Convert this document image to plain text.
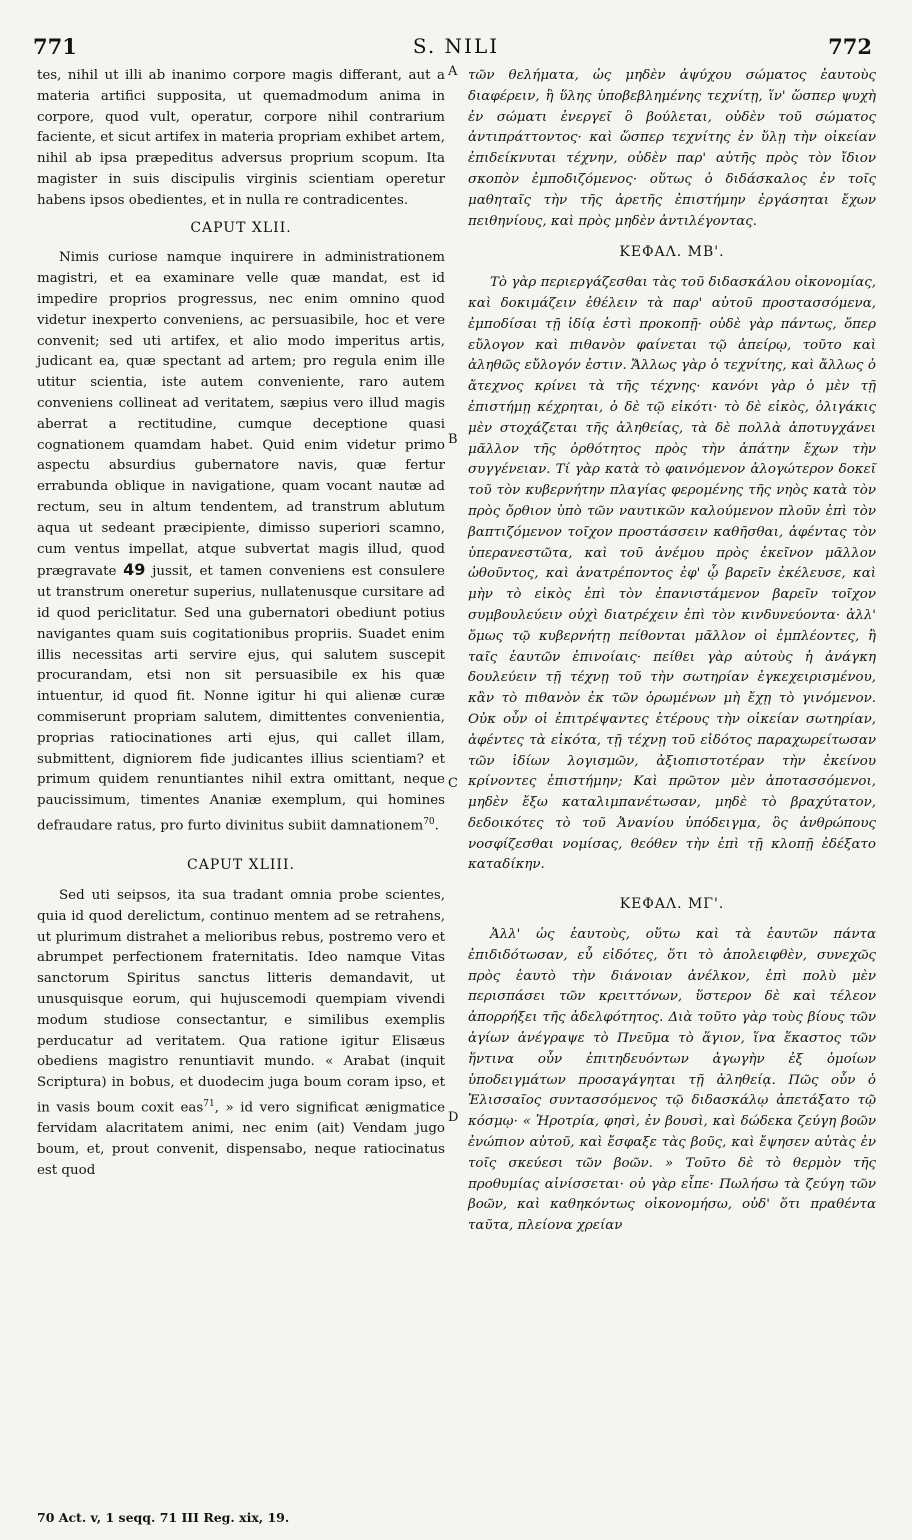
771	S. NILI	772
A
B
C
D

tes, nihil ut illi ab inanimo corpore magis differant, aut a materia artifici supposita, ut quemadmodum anima in corpore, quod vult, operatur, corpore nihil contrarium faciente, et sicut artifex in materia propriam exhibet artem, nihil ab ipsa præpeditus adversus proprium scopum. Ita magister in suis discipulis virginis scientiam operetur habens ipsos obedientes, et in nulla re contradicentes.

CAPUT XLII.

Nimis curiose namque inquirere in administrationem magistri, et ea examinare velle quæ mandat, est id impedire proprios progressus, nec enim omnino quod videtur inexperto conveniens, ac persuasibile, hoc et vere convenit; sed uti artifex, et alio modo imperitus artis, judicant ea, quæ spectant ad artem; pro regula enim ille utitur scientia, iste autem conveniente, raro autem conveniens collineat ad veritatem, sæpius vero illud magis aberrat a rectitudine, cumque deceptione quasi cognationem quamdam habet. Quid enim videtur primo aspectu absurdius gubernatore navis, quæ fertur errabunda oblique in navigatione, quam vocant nautæ ad rectum, seu in altum tendentem, ad transtrum ablutum aqua ut sedeant præcipiente, dimisso superiori scamno, cum ventus impellat, atque subvertat magis illud, quod prægravate 49 jussit, et tamen conveniens est consulere ut transtrum oneretur superius, nullatenusque cursitare ad id quod periclitatur. Sed una gubernatori obediunt potius navigantes quam suis cogitationibus propriis. Suadet enim illis necessitas arti servire ejus, qui salutem suscepit procurandam, etsi non sit persuasibile ex his quæ intuentur, id quod fit. Nonne igitur hi qui alienæ curæ commiserunt propriam salutem, dimittentes convenientia, proprias ratiocinationes arti ejus, qui callet illam, submittent, digniorem fide judicantes illius scientiam? et primum quidem renuntiantes nihil extra omittant, neque paucissimum, timentes Ananiæ exemplum, qui homines defraudare ratus, pro furto divinitus subiit damnationem$^{70}$.

CAPUT XLIII.

Sed uti seipsos, ita sua tradant omnia probe scientes, quia id quod derelictum, continuo mentem ad se retrahens, ut plurimum distrahet a melioribus rebus, postremo vero et abrumpet perfectionem fraternitatis. Ideo namque Vitas sanctorum Spiritus sanctus litteris demandavit, ut unusquisque eorum, qui hujuscemodi quempiam vivendi modum studiose consectantur, e similibus exemplis perducatur ad veritatem. Qua ratione igitur Elisæus obediens magistro renuntiavit mundo. « Arabat (inquit Scriptura) in bobus, et duodecim juga boum coram ipso, et in vasis boum coxit eas$^{71}$, » id vero significat ænigmatice fervidam alacritatem animi, nec enim (ait) Vendam jugo boum, et, prout convenit, dispensabo, neque ratiocinatus est quod

τῶν θελήματα, ὡς μηδὲν ἀψύχου σώματος ἑαυτοὺς διαφέρειν, ἢ ὕλης ὑποβεβλημένης τεχνίτῃ, ἵν' ὥσπερ ψυχὴ ἐν σώματι ἐνεργεῖ ὃ βούλεται, οὐδὲν τοῦ σώματος ἀντιπράττοντος· καὶ ὥσπερ τεχνίτης ἐν ὕλῃ τὴν οἰκείαν ἐπιδείκνυται τέχνην, οὐδὲν παρ' αὐτῆς πρὸς τὸν ἴδιον σκοπὸν ἐμποδιζόμενος· οὕτως ὁ διδάσκαλος ἐν τοῖς μαθηταῖς τὴν τῆς ἀρετῆς ἐπιστήμην ἐργάσηται ἔχων πειθηνίους, καὶ πρὸς μηδὲν ἀντιλέγοντας.

ΚΕΦΑΛ. ΜΒ'.

Τὸ γὰρ περιεργάζεσθαι τὰς τοῦ διδασκάλου οἰκονομίας, καὶ δοκιμάζειν ἐθέλειν τὰ παρ' αὐτοῦ προστασσόμενα, ἐμποδίσαι τῇ ἰδίᾳ ἐστὶ προκοπῇ· οὐδὲ γὰρ πάντως, ὅπερ εὔλογον καὶ πιθανὸν φαίνεται τῷ ἀπείρῳ, τοῦτο καὶ ἀληθῶς εὔλογόν ἐστιν. Ἄλλως γὰρ ὁ τεχνίτης, καὶ ἄλλως ὁ ἄτεχνος κρίνει τὰ τῆς τέχνης· κανόνι γὰρ ὁ μὲν τῇ ἐπιστήμῃ κέχρηται, ὁ δὲ τῷ εἰκότι· τὸ δὲ εἰκὸς, ὀλιγάκις μὲν στοχάζεται τῆς ἀληθείας, τὰ δὲ πολλὰ ἀποτυγχάνει μᾶλλον τῆς ὀρθότητος πρὸς τὴν ἀπάτην ἔχων τὴν συγγένειαν. Τί γὰρ κατὰ τὸ φαινόμενον ἀλογώτερον δοκεῖ τοῦ τὸν κυβερνήτην πλαγίας φερομένης τῆς νηὸς κατὰ τὸν πρὸς ὄρθιον ὑπὸ τῶν ναυτικῶν καλούμενον πλοῦν ἐπὶ τὸν βαπτιζόμενον τοῖχον προστάσσειν καθῆσθαι, ἀφέντας τὸν ὑπερανεστῶτα, καὶ τοῦ ἀνέμου πρὸς ἐκεῖνον μᾶλλον ὠθοῦντος, καὶ ἀνατρέποντος ἐφ' ᾧ βαρεῖν ἐκέλευσε, καὶ μὴν τὸ εἰκὸς ἐπὶ τὸν ἐπανιστάμενον βαρεῖν τοῖχον συμβουλεύειν οὐχὶ διατρέχειν ἐπὶ τὸν κινδυνεύοντα· ἀλλ' ὅμως τῷ κυβερνήτῃ πείθονται μᾶλλον οἱ ἐμπλέοντες, ἢ ταῖς ἑαυτῶν ἐπινοίαις· πείθει γὰρ αὐτοὺς ἡ ἀνάγκη δουλεύειν τῇ τέχνῃ τοῦ τὴν σωτηρίαν ἐγκεχειρισμένου, κἂν τὸ πιθανὸν ἐκ τῶν ὁρωμένων μὴ ἔχῃ τὸ γινόμενον. Οὐκ οὖν οἱ ἐπιτρέψαντες ἑτέρους τὴν οἰκείαν σωτηρίαν, ἀφέντες τὰ εἰκότα, τῇ τέχνῃ τοῦ εἰδότος παραχωρείτωσαν τῶν ἰδίων λογισμῶν, ἀξιοπιστοτέραν τὴν ἐκείνου κρίνοντες ἐπιστήμην; Καὶ πρῶτον μὲν ἀποτασσόμενοι, μηδὲν ἔξω καταλιμπανέτωσαν, μηδὲ τὸ βραχύτατον, δεδοικότες τὸ τοῦ Ἀνανίου ὑπόδειγμα, ὃς ἀνθρώπους νοσφίζεσθαι νομίσας, θεόθεν τὴν ἐπὶ τῇ κλοπῇ ἐδέξατο καταδίκην.

ΚΕΦΑΛ. ΜΓ'.

Ἀλλ' ὡς ἑαυτοὺς, οὕτω καὶ τὰ ἑαυτῶν πάντα ἐπιδιδότωσαν, εὖ εἰδότες, ὅτι τὸ ἀπολειφθὲν, συνεχῶς πρὸς ἑαυτὸ τὴν διάνοιαν ἀνέλκον, ἐπὶ πολὺ μὲν περισπάσει τῶν κρειττόνων, ὕστερον δὲ καὶ τέλεον ἀπορρήξει τῆς ἀδελφότητος. Διὰ τοῦτο γὰρ τοὺς βίους τῶν ἁγίων ἀνέγραψε τὸ Πνεῦμα τὸ ἅγιον, ἵνα ἕκαστος τῶν ἥντινα οὖν ἐπιτηδευόντων ἀγωγὴν ἐξ ὁμοίων ὑποδειγμάτων προσαγάγηται τῇ ἀληθείᾳ. Πῶς οὖν ὁ Ἐλισσαῖος συντασσόμενος τῷ διδασκάλῳ ἀπετάξατο τῷ κόσμῳ· « Ἠροτρία, φησὶ, ἐν βουσὶ, καὶ δώδεκα ζεύγη βοῶν ἐνώπιον αὐτοῦ, καὶ ἔσφαξε τὰς βοῦς, καὶ ἔψησεν αὐτὰς ἐν τοῖς σκεύεσι τῶν βοῶν. » Τοῦτο δὲ τὸ θερμὸν τῆς προθυμίας αἰνίσσεται· οὐ γὰρ εἶπε· Πωλήσω τὰ ζεύγη τῶν βοῶν, καὶ καθηκόντως οἰκονομήσω, οὐδ' ὅτι πραθέντα ταῦτα, πλείονα χρείαν

70 Act. v, 1 seqq. 71 III Reg. xix, 19.
